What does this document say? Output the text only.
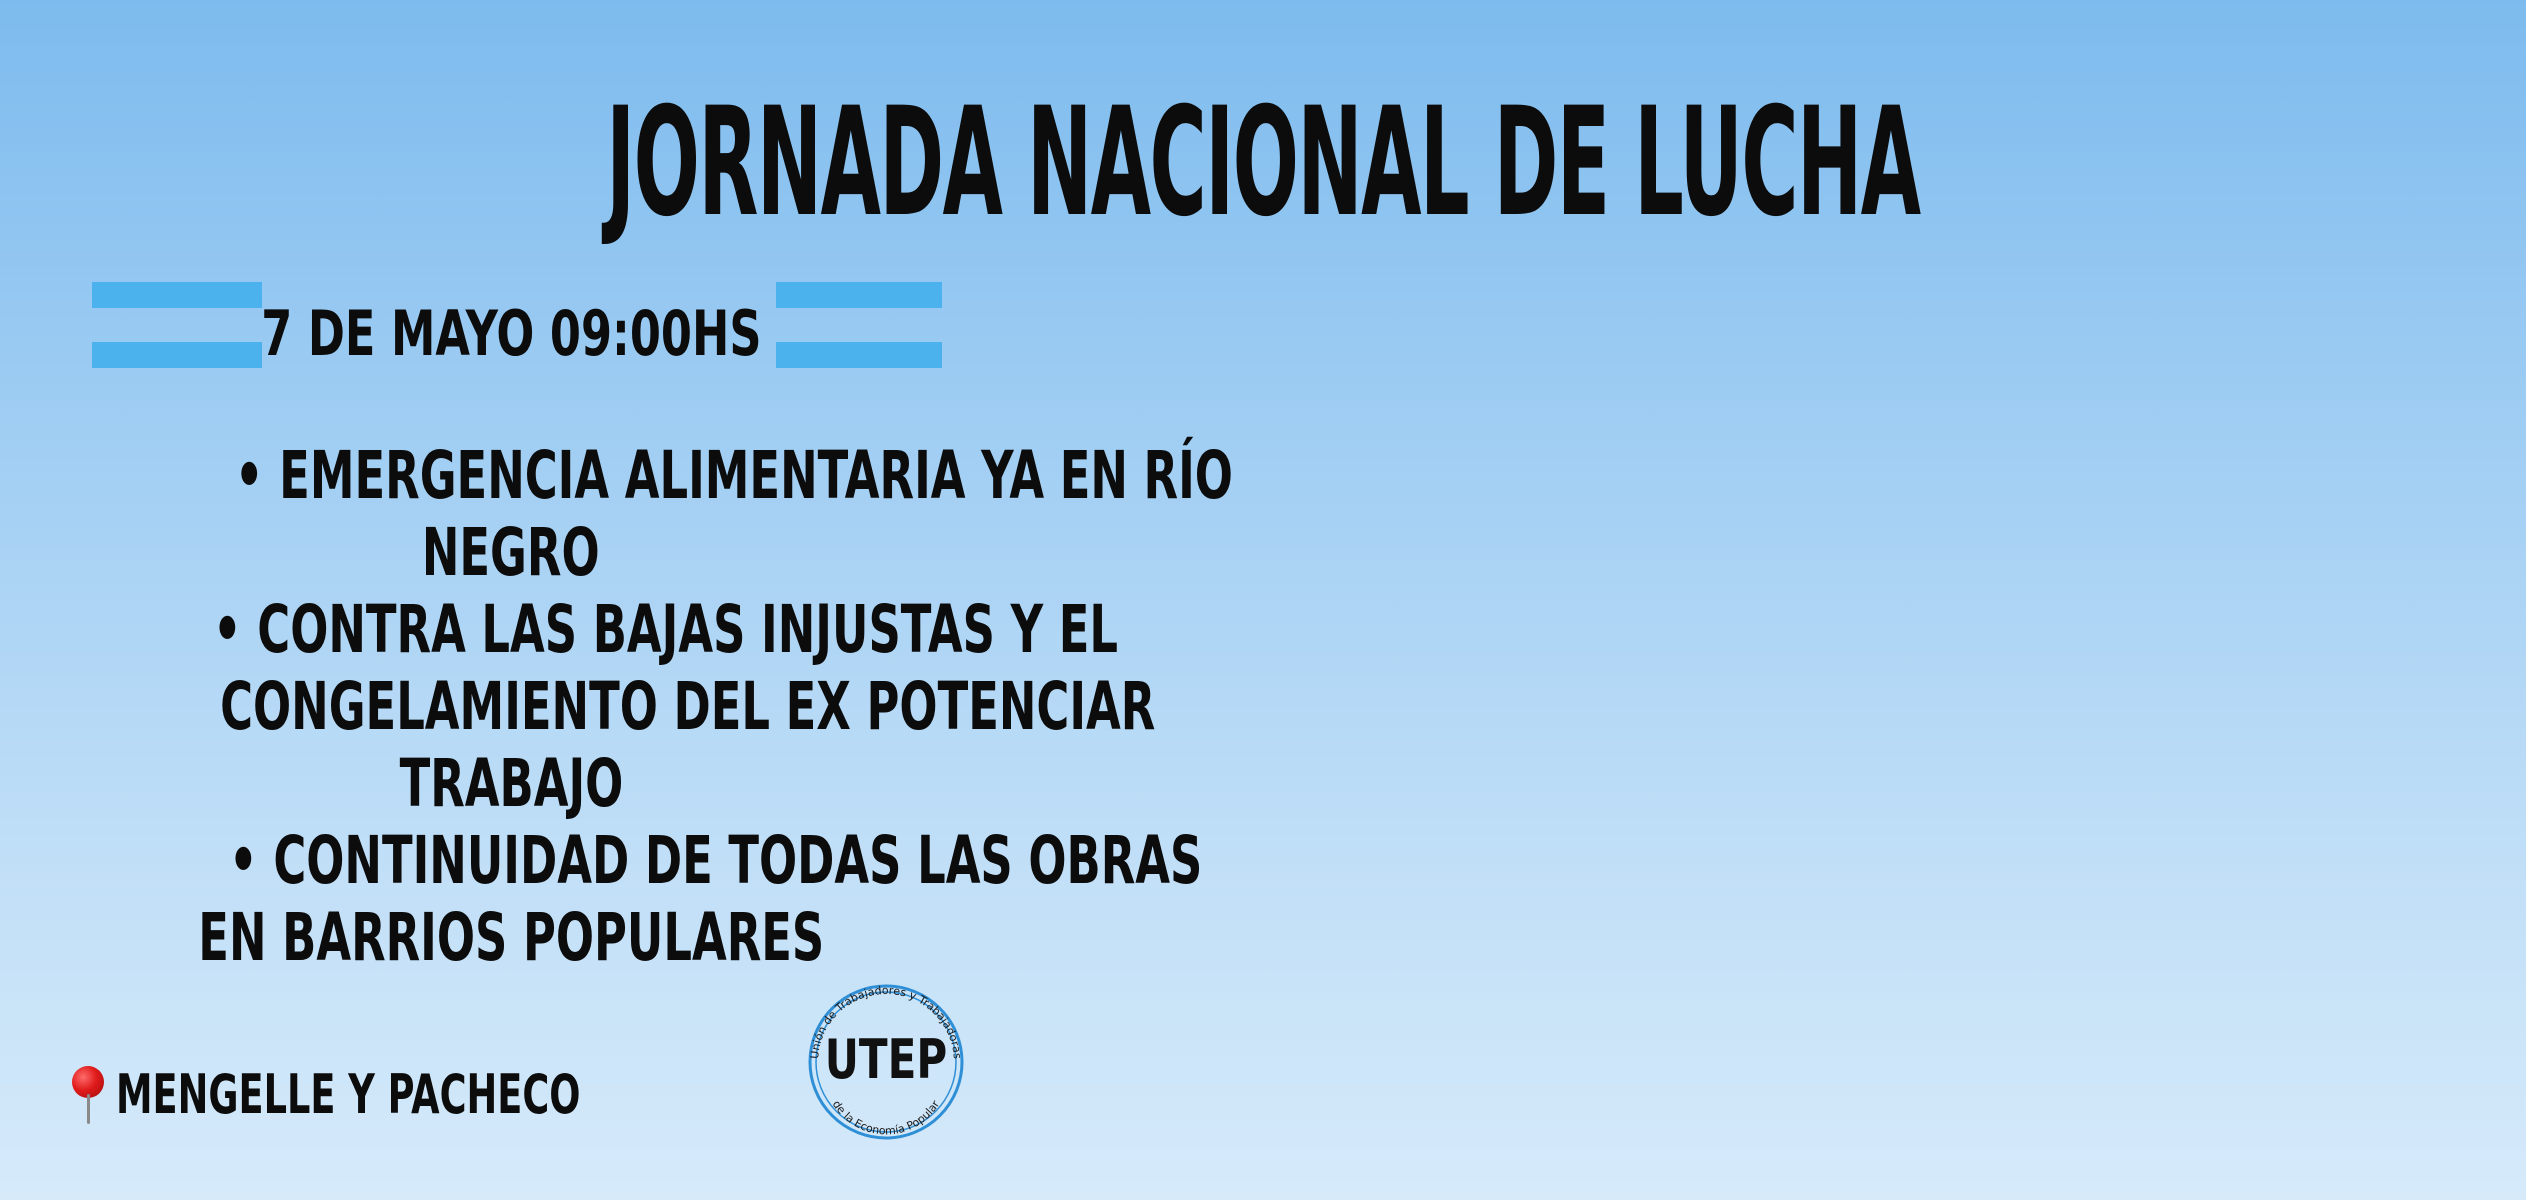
JORNADA NACIONAL DE LUCHA
7 DE MAYO 09:00HS
• EMERGENCIA ALIMENTARIA YA EN RÍO
NEGRO
• CONTRA LAS BAJAS INJUSTAS Y EL
CONGELAMIENTO DEL EX POTENCIAR
TRABAJO
• CONTINUIDAD DE TODAS LAS OBRAS
EN BARRIOS POPULARES
MENGELLE Y PACHECO
Unión de Trabajadores y Trabajadoras
UTEP
de la Economía Popular
